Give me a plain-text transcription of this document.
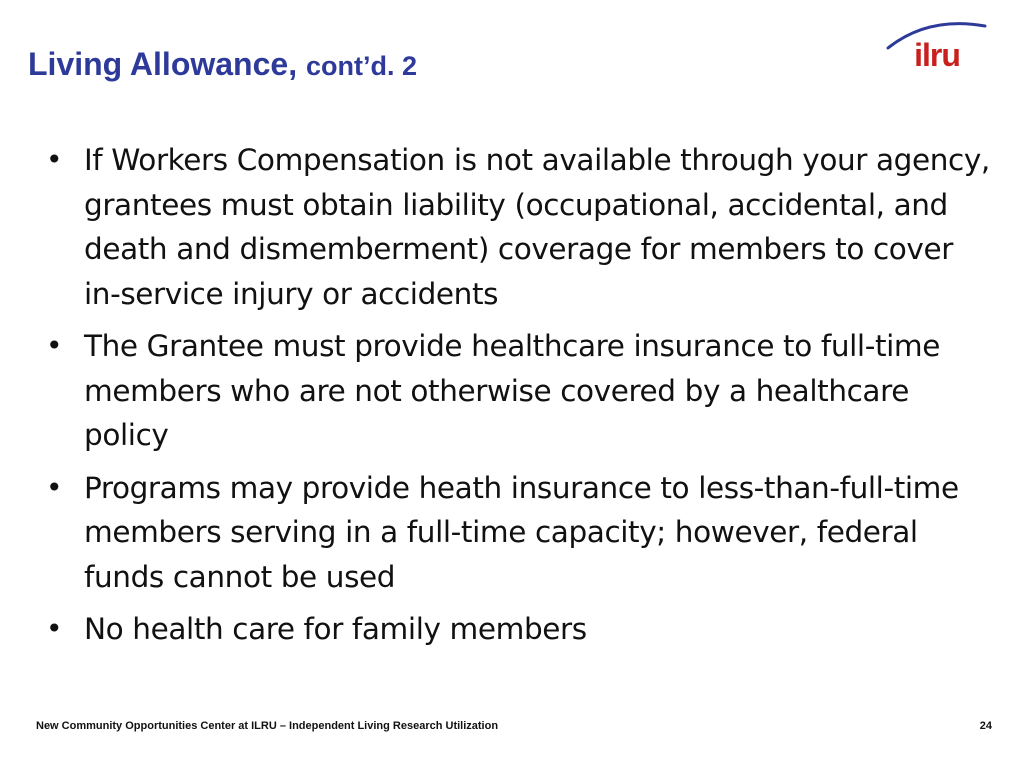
Living Allowance, cont’d. 2	ilru
• If Workers Compensation is not available through your agency, grantees must obtain liability (occupational, accidental, and death and dismemberment) coverage for members to cover in-service injury or accidents
• The Grantee must provide healthcare insurance to full-time members who are not otherwise covered by a healthcare policy
• Programs may provide heath insurance to less-than-full-time members serving in a full-time capacity; however, federal funds cannot be used
• No health care for family members
New Community Opportunities Center at ILRU – Independent Living Research Utilization	24
